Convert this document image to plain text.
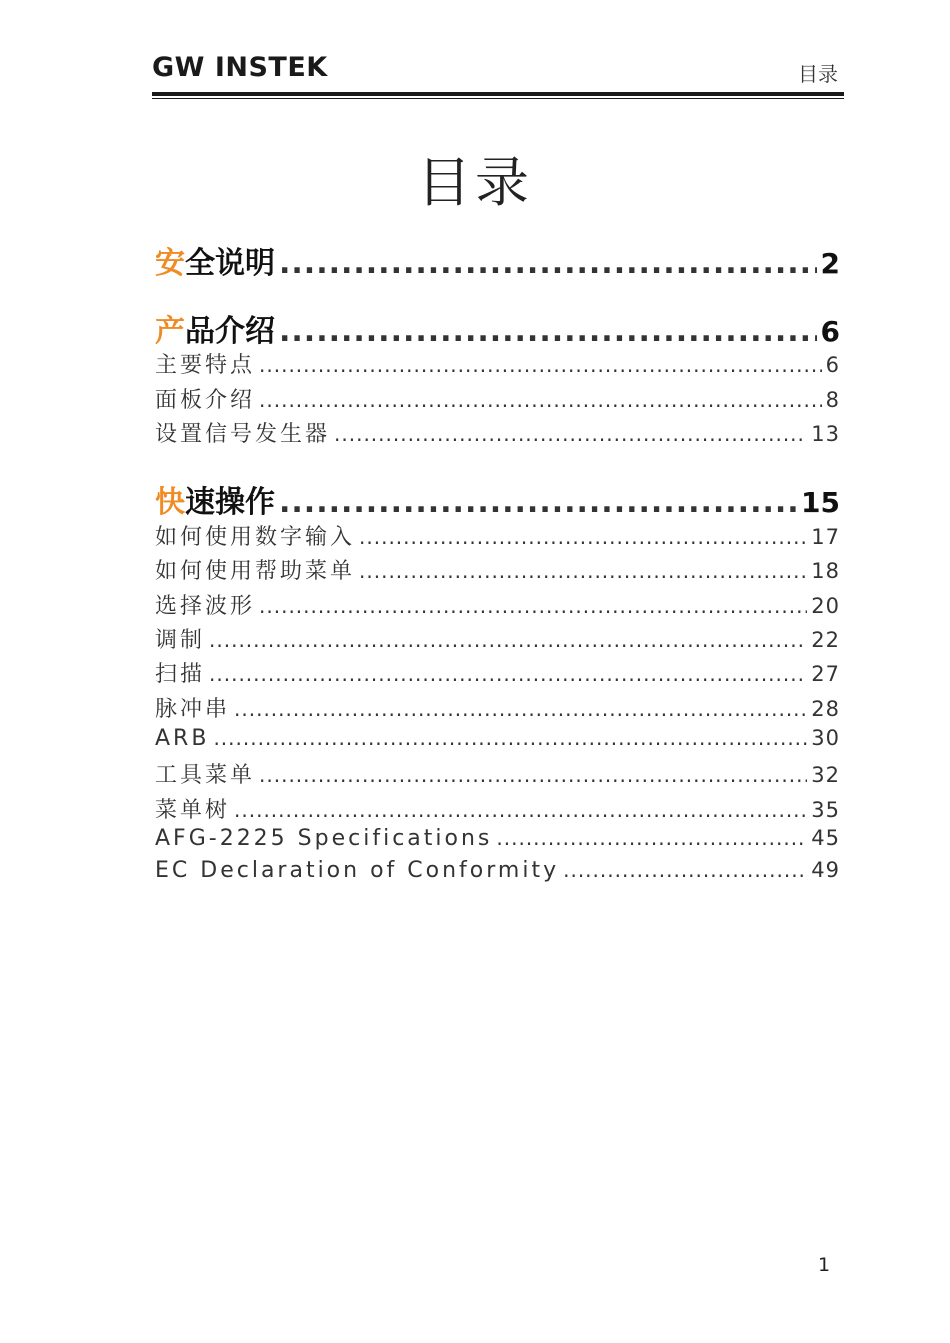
GW INSTEK	目录
目录
安全说明 .....	2
产品介绍 .....	6
主要特点 .....	6
面板介绍 .....	8
设置信号发生器 .....	13
快速操作 .....	15
如何使用数字输入 .....	17
如何使用帮助菜单 .....	18
选择波形 .....	20
调制 .....	22
扫描 .....	27
脉冲串 .....	28
ARB .....	30
工具菜单 .....	32
菜单树 .....	35
AFG-2225 Specifications .....	45
EC Declaration of Conformity .....	49
1
